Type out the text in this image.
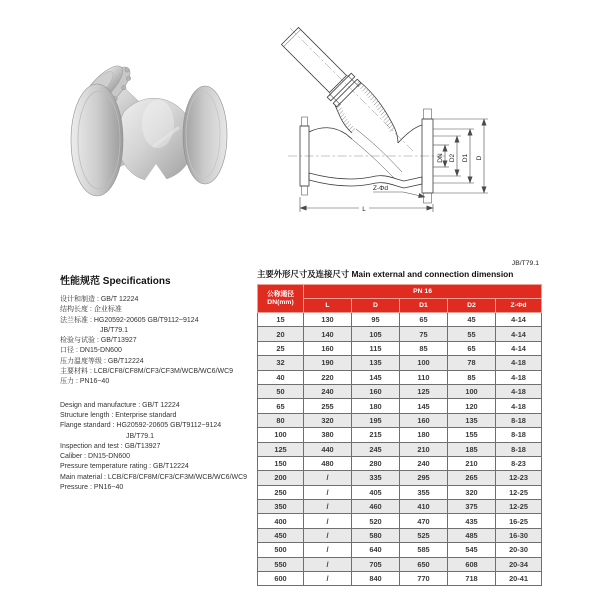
DN D2 D1 D
L
Z-Φd
性能规范 Specifications
设计和制造 : GB/T 12224
结构长度 : 企业标准
法兰标准 : HG20592-20605 GB/T9112~9124
JB/T79.1
检验与试验 : GB/T13927
口径 : DN15-DN600
压力温度等级 : GB/T12224
主要材料 : LCB/CF8/CF8M/CF3/CF3M/WCB/WC6/WC9
压力 : PN16~40
Design and manufacture : GB/T 12224
Structure length : Enterprise standard
Flange standard : HG20592-20605 GB/T9112~9124
JB/T79.1
Inspection and test : GB/T13927
Caliber : DN15-DN600
Pressure temperature rating : GB/T12224
Main material : LCB/CF8/CF8M/CF3/CF3M/WCB/WC6/WC9
Pressure : PN16~40
JB/T79.1
主要外形尺寸及连接尺寸 Main external and connection dimension
公称通径
DN(mm)	PN 16				
	L	D	D1	D2	Z-Φd
15	130	95	65	45	4-14
20	140	105	75	55	4-14
25	160	115	85	65	4-14
32	190	135	100	78	4-18
40	220	145	110	85	4-18
50	240	160	125	100	4-18
65	255	180	145	120	4-18
80	320	195	160	135	8-18
100	380	215	180	155	8-18
125	440	245	210	185	8-18
150	480	280	240	210	8-23
200	/	335	295	265	12-23
250	/	405	355	320	12-25
350	/	460	410	375	12-25
400	/	520	470	435	16-25
450	/	580	525	485	16-30
500	/	640	585	545	20-30
550	/	705	650	608	20-34
600	/	840	770	718	20-41
